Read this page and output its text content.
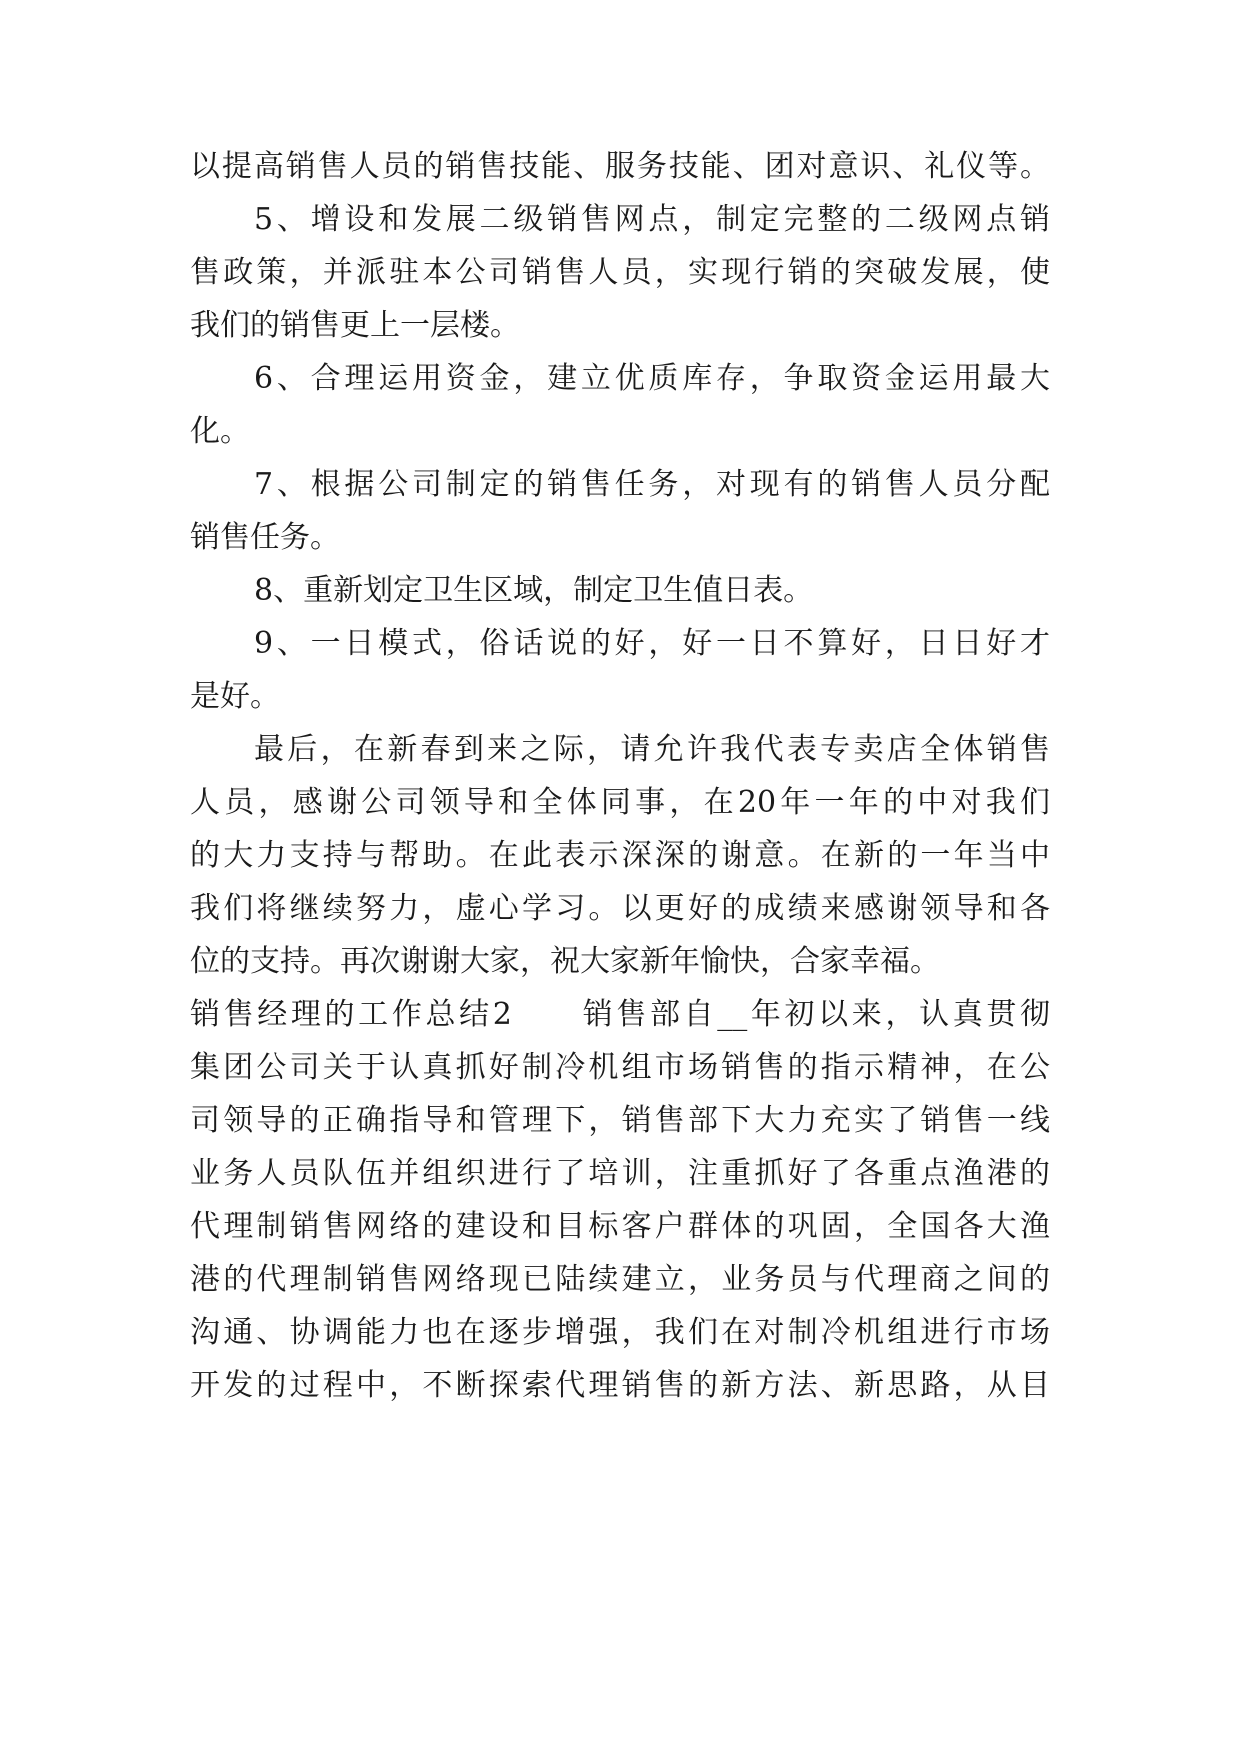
以提高销售人员的销售技能、服务技能、团对意识、礼仪等。
5、增设和发展二级销售网点，制定完整的二级网点销
售政策，并派驻本公司销售人员，实现行销的突破发展，使
我们的销售更上一层楼。
6、合理运用资金，建立优质库存，争取资金运用最大
化。
7、根据公司制定的销售任务，对现有的销售人员分配
销售任务。
8、重新划定卫生区域，制定卫生值日表。
9、一日模式，俗话说的好，好一日不算好，日日好才
是好。
最后，在新春到来之际，请允许我代表专卖店全体销售
人员，感谢公司领导和全体同事，在20年一年的中对我们
的大力支持与帮助。在此表示深深的谢意。在新的一年当中
我们将继续努力，虚心学习。以更好的成绩来感谢领导和各
位的支持。再次谢谢大家，祝大家新年愉快，合家幸福。
销售经理的工作总结2　　销售部自__年初以来，认真贯彻
集团公司关于认真抓好制冷机组市场销售的指示精神，在公
司领导的正确指导和管理下，销售部下大力充实了销售一线
业务人员队伍并组织进行了培训，注重抓好了各重点渔港的
代理制销售网络的建设和目标客户群体的巩固，全国各大渔
港的代理制销售网络现已陆续建立，业务员与代理商之间的
沟通、协调能力也在逐步增强，我们在对制冷机组进行市场
开发的过程中，不断探索代理销售的新方法、新思路，从目
